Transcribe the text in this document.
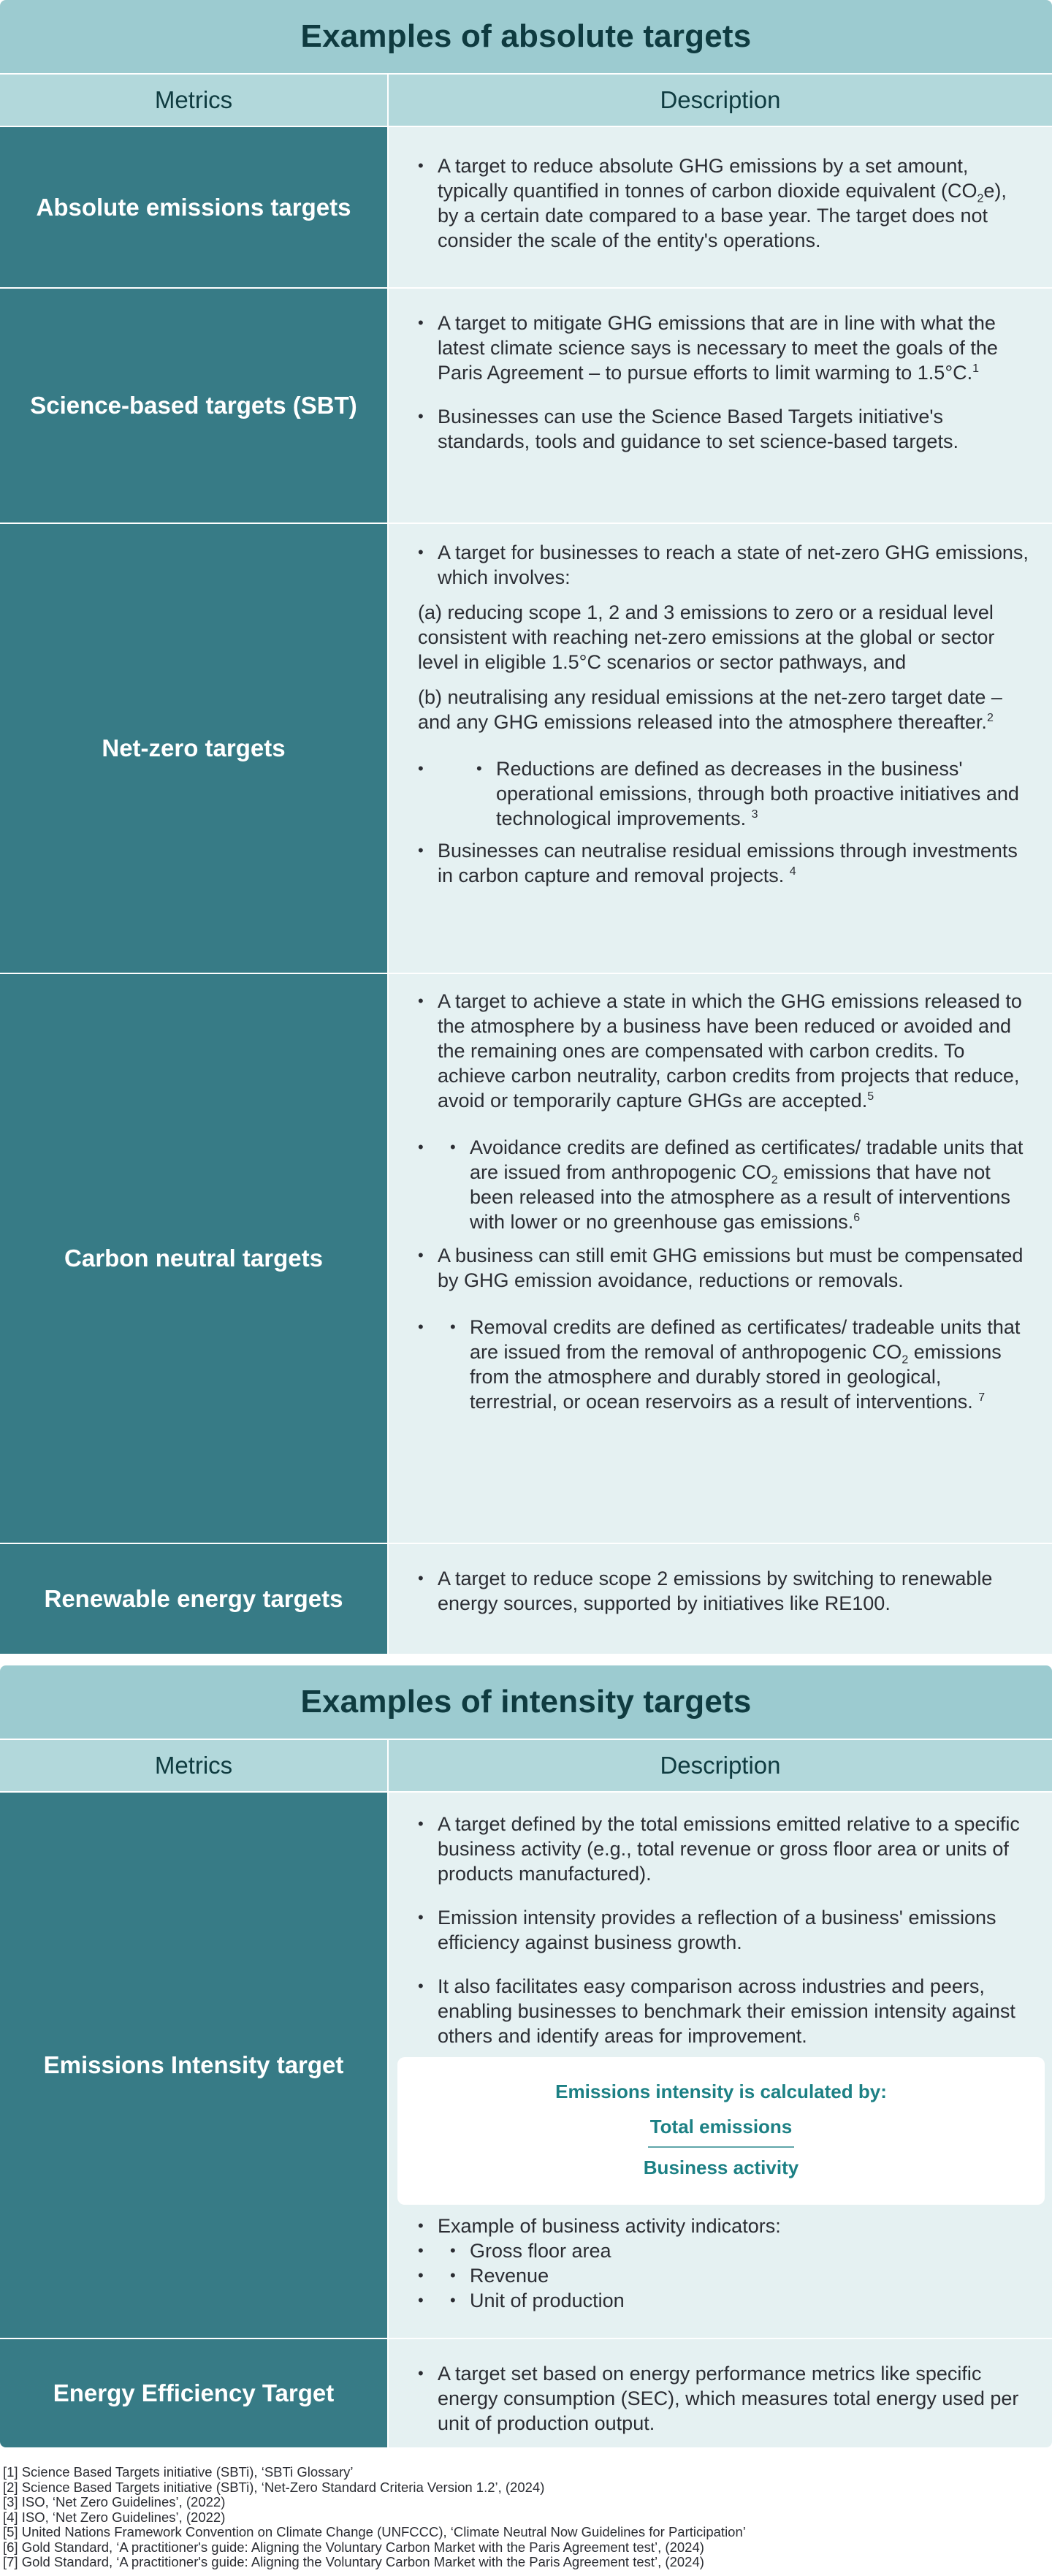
Examples of absolute targets
Metrics	Description
Absolute emissions targets
• A target to reduce absolute GHG emissions by a set amount, typically quantified in tonnes of carbon dioxide equivalent $(CO_2e)$, by a certain date compared to a base year. The target does not consider the scale of the entity's operations.
Science-based targets (SBT)
• A target to mitigate GHG emissions that are in line with what the latest climate science says is necessary to meet the goals of the Paris Agreement – to pursue efforts to limit warming to 1.5°C.$^1$
• Businesses can use the Science Based Targets initiative's standards, tools and guidance to set science-based targets.
Net-zero targets
• A target for businesses to reach a state of net-zero GHG emissions, which involves:
(a) reducing scope 1, 2 and 3 emissions to zero or a residual level consistent with reaching net-zero emissions at the global or sector level in eligible 1.5°C scenarios or sector pathways, and
(b) neutralising any residual emissions at the net-zero target date – and any GHG emissions released into the atmosphere thereafter.$^2$
• • Reductions are defined as decreases in the business' operational emissions, through both proactive initiatives and technological improvements. $^3$
• Businesses can neutralise residual emissions through investments in carbon capture and removal projects. $^4$
Carbon neutral targets
• A target to achieve a state in which the GHG emissions released to the atmosphere by a business have been reduced or avoided and the remaining ones are compensated with carbon credits. To achieve carbon neutrality, carbon credits from projects that reduce, avoid or temporarily capture GHGs are accepted.$^5$
• • Avoidance credits are defined as certificates/ tradable units that are issued from anthropogenic $CO_2$ emissions that have not been released into the atmosphere as a result of interventions with lower or no greenhouse gas emissions.$^6$
• A business can still emit GHG emissions but must be compensated by GHG emission avoidance, reductions or removals.
• • Removal credits are defined as certificates/ tradeable units that are issued from the removal of anthropogenic $CO_2$ emissions from the atmosphere and durably stored in geological, terrestrial, or ocean reservoirs as a result of interventions. $^7$
Renewable energy targets
• A target to reduce scope 2 emissions by switching to renewable energy sources, supported by initiatives like RE100.
Examples of intensity targets
Metrics	Description
Emissions Intensity target
• A target defined by the total emissions emitted relative to a specific business activity (e.g., total revenue or gross floor area or units of products manufactured).
• Emission intensity provides a reflection of a business' emissions efficiency against business growth.
• It also facilitates easy comparison across industries and peers, enabling businesses to benchmark their emission intensity against others and identify areas for improvement.
Emissions intensity is calculated by:
Total emissions
Business activity
• Example of business activity indicators:
• • Gross floor area
• • Revenue
• • Unit of production
Energy Efficiency Target
• A target set based on energy performance metrics like specific energy consumption (SEC), which measures total energy used per unit of production output.
[1] Science Based Targets initiative (SBTi), ‘SBTi Glossary’
[2] Science Based Targets initiative (SBTi), ‘Net-Zero Standard Criteria Version 1.2’, (2024)
[3] ISO, ‘Net Zero Guidelines’, (2022)
[4] ISO, ‘Net Zero Guidelines’, (2022)
[5] United Nations Framework Convention on Climate Change (UNFCCC), ‘Climate Neutral Now Guidelines for Participation’
[6] Gold Standard, ‘A practitioner's guide: Aligning the Voluntary Carbon Market with the Paris Agreement test’, (2024)
[7] Gold Standard, ‘A practitioner's guide: Aligning the Voluntary Carbon Market with the Paris Agreement test’, (2024)
